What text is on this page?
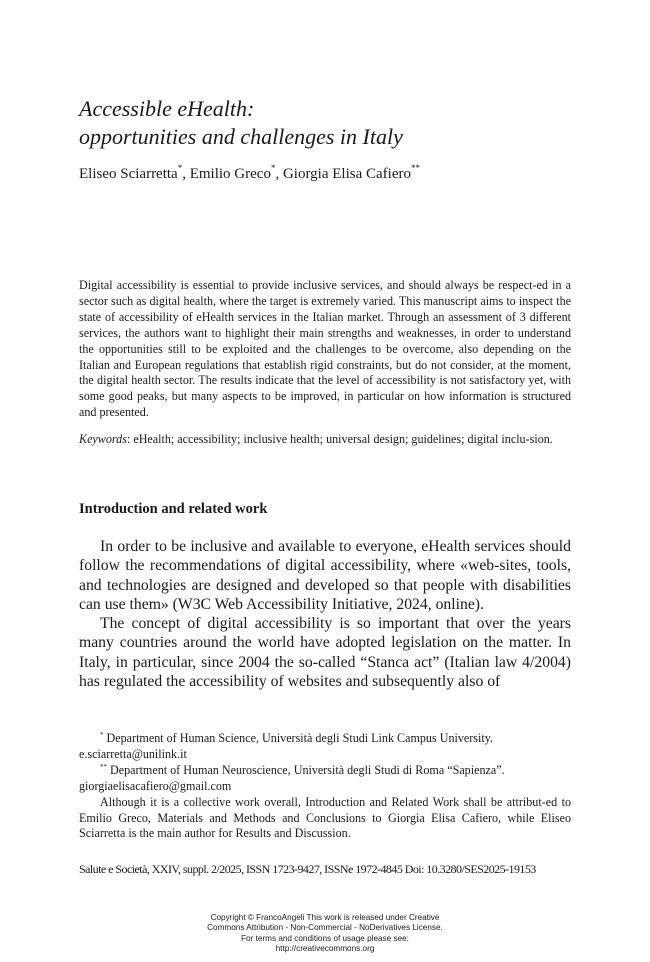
Accessible eHealth:
opportunities and challenges in Italy
Eliseo Sciarretta*, Emilio Greco*, Giorgia Elisa Cafiero**

Digital accessibility is essential to provide inclusive services, and should always be respect-ed in a sector such as digital health, where the target is extremely varied. This manuscript aims to inspect the state of accessibility of eHealth services in the Italian market. Through an assessment of 3 different services, the authors want to highlight their main strengths and weaknesses, in order to understand the opportunities still to be exploited and the challenges to be overcome, also depending on the Italian and European regulations that establish rigid constraints, but do not consider, at the moment, the digital health sector. The results indicate that the level of accessibility is not satisfactory yet, with some good peaks, but many aspects to be improved, in particular on how information is structured and presented.

Keywords: eHealth; accessibility; inclusive health; universal design; guidelines; digital inclu-sion.

Introduction and related work

In order to be inclusive and available to everyone, eHealth services should follow the recommendations of digital accessibility, where «web-sites, tools, and technologies are designed and developed so that people with disabilities can use them» (W3C Web Accessibility Initiative, 2024, online).

The concept of digital accessibility is so important that over the years many countries around the world have adopted legislation on the matter. In Italy, in particular, since 2004 the so-called “Stanca act” (Italian law 4/2004) has regulated the accessibility of websites and subsequently also of

* Department of Human Science, Università degli Studi Link Campus University.

e.sciarretta@unilink.it

** Department of Human Neuroscience, Università degli Studi di Roma “Sapienza”.

giorgiaelisacafiero@gmail.com

Although it is a collective work overall, Introduction and Related Work shall be attribut-ed to Emilio Greco, Materials and Methods and Conclusions to Giorgia Elisa Cafiero, while Eliseo Sciarretta is the main author for Results and Discussion.

Salute e Società, XXIV, suppl. 2/2025, ISSN 1723-9427, ISSNe 1972-4845 Doi: 10.3280/SES2025-19153
Copyright © FrancoAngeli This work is released under Creative
Commons Attribution - Non-Commercial - NoDerivatives License.
For terms and conditions of usage please see:
http://creativecommons.org
